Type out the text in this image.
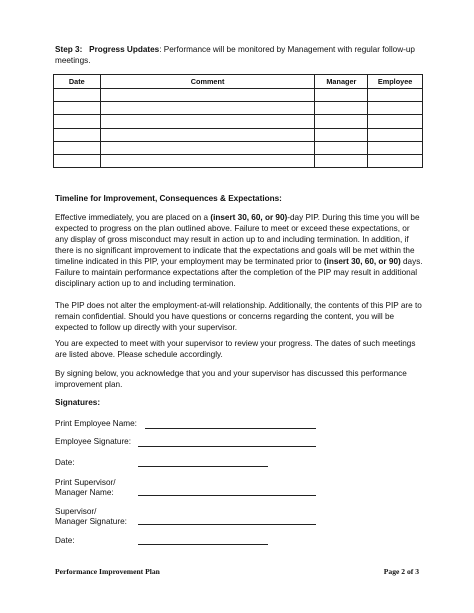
Step 3: Progress Updates: Performance will be monitored by Management with regular follow-up meetings.
Date	Comment	Manager	Employee

Timeline for Improvement, Consequences & Expectations:

Effective immediately, you are placed on a (insert 30, 60, or 90)-day PIP. During this time you will be expected to progress on the plan outlined above. Failure to meet or exceed these expectations, or any display of gross misconduct may result in action up to and including termination. In addition, if there is no significant improvement to indicate that the expectations and goals will be met within the timeline indicated in this PIP, your employment may be terminated prior to (insert 30, 60, or 90) days. Failure to maintain performance expectations after the completion of the PIP may result in additional disciplinary action up to and including termination.

The PIP does not alter the employment-at-will relationship. Additionally, the contents of this PIP are to remain confidential. Should you have questions or concerns regarding the content, you will be expected to follow up directly with your supervisor.

You are expected to meet with your supervisor to review your progress. The dates of such meetings are listed above. Please schedule accordingly.

By signing below, you acknowledge that you and your supervisor has discussed this performance improvement plan.

Signatures:
Print Employee Name:
Employee Signature:
Date:
Print Supervisor/
Manager Name:
Supervisor/
Manager Signature:
Date:
Performance Improvement Plan	Page 2 of 3
